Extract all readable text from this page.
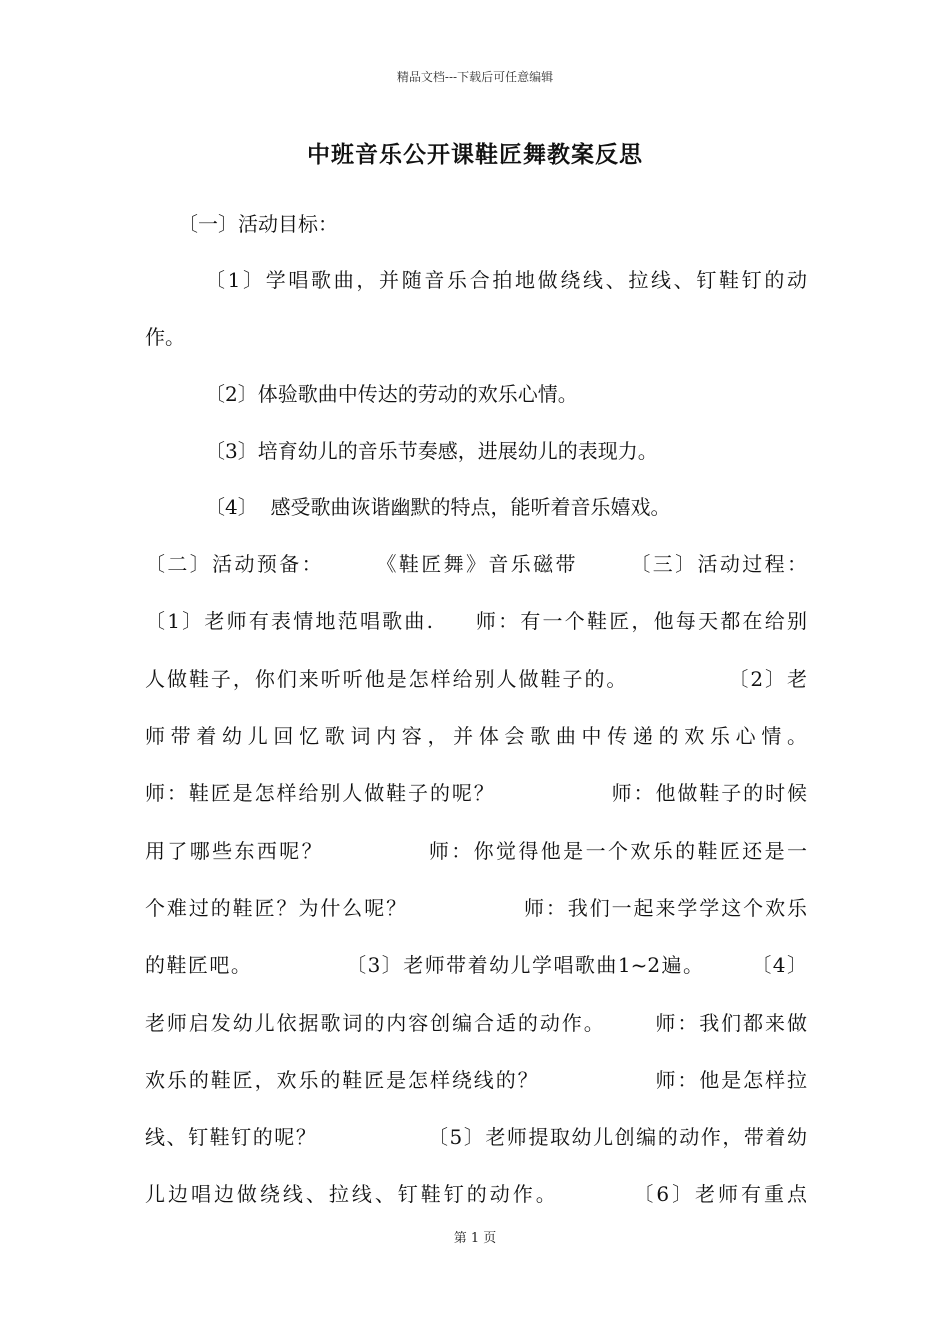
精品文档---下载后可任意编辑
中班音乐公开课鞋匠舞教案反思
〔一〕活动目标：
〔1〕学唱歌曲，并随音乐合拍地做绕线、拉线、钉鞋钉的动
作。
〔2〕体验歌曲中传达的劳动的欢乐心情。
〔3〕培育幼儿的音乐节奏感，进展幼儿的表现力。
〔4〕  感受歌曲诙谐幽默的特点，能听着音乐嬉戏。
〔二〕活动预备：      《鞋匠舞》音乐磁带      〔三〕活动过程：
〔1〕老师有表情地范唱歌曲.     师：有一个鞋匠，他每天都在给别
人做鞋子，你们来听听他是怎样给别人做鞋子的。            〔2〕老
师带着幼儿回忆歌词内容，并体会歌曲中传递的欢乐心情。
师：鞋匠是怎样给别人做鞋子的呢？              师：他做鞋子的时候
用了哪些东西呢？            师：你觉得他是一个欢乐的鞋匠还是一
个难过的鞋匠？为什么呢？              师：我们一起来学学这个欢乐
的鞋匠吧。            〔3〕老师带着幼儿学唱歌曲1~2遍。      〔4〕
老师启发幼儿依据歌词的内容创编合适的动作。      师：我们都来做
欢乐的鞋匠，欢乐的鞋匠是怎样绕线的？              师：他是怎样拉
线、钉鞋钉的呢？              〔5〕老师提取幼儿创编的动作，带着幼
儿边唱边做绕线、拉线、钉鞋钉的动作。        〔6〕老师有重点
第 1 页
